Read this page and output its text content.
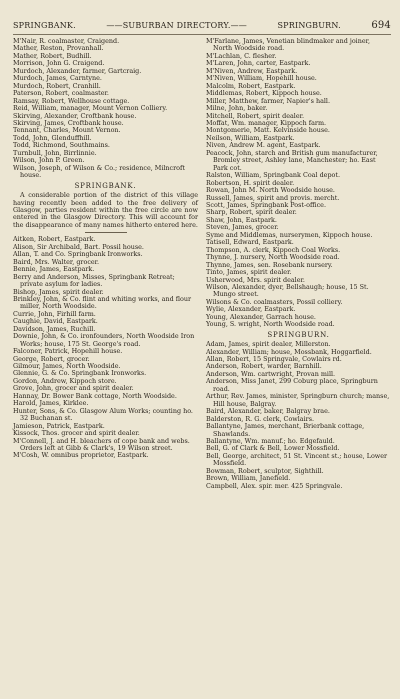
SPRINGBANK.	——SUBURBAN DIRECTORY.——	SPRINGBURN.	694
M'Nair, R. coalmaster, Craigend.
Mather, Reston, Provanhall.
Mather, Robert, Budhill.
Morrison, John G. Craigend.
Murdoch, Alexander, farmer, Gartcraig.
Murdoch, James, Carntyne.
Murdoch, Robert, Cranhill.
Paterson, Robert, coalmaster.
Ramsay, Robert, Wellhouse cottage.
Reid, William, manager, Mount Vernon Colliery.
Skirving, Alexander, Croftbank house.
Skirving, James, Croftbank house.
Tennant, Charles, Mount Vernon.
Todd, John, Glenduffhill.
Todd, Richmond, Southmains.
Turnbull, John, Birrlinnie.
Wilson, John P. Green.
Wilson, Joseph, of Wilson & Co.; residence, Milncroft house.
SPRINGBANK.
A considerable portion of the district of this village having recently been added to the free delivery of Glasgow, parties resident within the free circle are now entered in the Glasgow Directory. This will account for the disappearance of many names hitherto entered here.
Aitken, Robert, Eastpark.
Alison, Sir Archibald, Bart. Possil house.
Allan, T. and Co. Springbank Ironworks.
Baird, Mrs. Walter, grocer.
Bennie, James, Eastpark.
Berry and Anderson, Misses, Springbank Retreat; private asylum for ladies.
Bishop, James, spirit dealer.
Brinkley, John, & Co. flint and whiting works, and flour miller, North Woodside.
Currie, John, Firhill farm.
Caughie, David, Eastpark.
Davidson, James, Ruchill.
Downie, John, & Co. ironfounders, North Woodside Iron Works; house, 175 St. George's road.
Falconer, Patrick, Hopehill house.
George, Robert, grocer.
Gilmour, James, North Woodside.
Glennie, G. & Co. Springbank Ironworks.
Gordon, Andrew, Kippoch store.
Grove, John, grocer and spirit dealer.
Hannay, Dr. Bower Bank cottage, North Woodside.
Harold, James, Kirklee.
Hunter, Sons, & Co. Glasgow Alum Works; counting ho. 32 Buchanan st.
Jamieson, Patrick, Eastpark.
Kissock, Thos. grocer and spirit dealer.
M'Connell, J. and H. bleachers of cope bank and webs. Orders left at Gibb & Clark's, 19 Wilson street.
M'Cosh, W. omnibus proprietor, Eastpark.
M'Farlane, James, Venetian blindmaker and joiner, North Woodside road.
M'Lachlan, C. flesher.
M'Laren, John, carter, Eastpark.
M'Niven, Andrew, Eastpark.
M'Niven, William, Hopehill house.
Malcolm, Robert, Eastpark.
Middlemas, Robert, Kippoch house.
Miller, Matthew, farmer, Napier's hall.
Milne, John, baker.
Mitchell, Robert, spirit dealer.
Moffat, Wm. manager, Kippoch farm.
Montgomerie, Matt. Kelvinside house.
Neilson, William, Eastpark.
Niven, Andrew M. agent, Eastpark.
Peacock, John, starch and British gum manufacturer, Bromley street, Ashley lane, Manchester; ho. East Park cot.
Ralston, William, Springbank Coal depot.
Robertson, H. spirit dealer.
Rowan, John M. North Woodside house.
Russell, James, spirit and provis. mercht.
Scott, James, Springbank Post-office.
Sharp, Robert, spirit dealer.
Shaw, John, Eastpark.
Steven, James, grocer.
Syme and Middlemas, nurserymen, Kippoch house.
Tatisell, Edward, Eastpark.
Thompson, A. clerk, Kippoch Coal Works.
Thynne, J. nursery, North Woodside road.
Thynne, James, sen. Rosebank nursery.
Tinto, James, spirit dealer.
Usherwood, Mrs. spirit dealer.
Wilson, Alexander, dyer, Bellshaugh; house, 15 St. Mungo street.
Wilsons & Co. coalmasters, Possil colliery.
Wylie, Alexander, Eastpark.
Young, Alexander, Garrach house.
Young, S. wright, North Woodside road.
SPRINGBURN.
Adam, James, spirit dealer, Millerston.
Alexander, William; house, Mossbank, Hoggarfield.
Allan, Robert, 15 Springvale, Cowlairs rd.
Anderson, Robert, warder, Barnhill.
Anderson, Wm. cartwright, Provan mill.
Anderson, Miss Janet, 299 Coburg place, Springburn road.
Arthur, Rev. James, minister, Springburn church; manse, Hill house, Balgray.
Baird, Alexander, baker, Balgray brae.
Balderston, R. G. clerk, Cowlairs.
Ballantyne, James, merchant, Brierbank cottage, Shawlands.
Ballantyne, Wm. manuf.; ho. Edgefauld.
Bell, G. of Clark & Bell, Lower Mossfield.
Bell, George, architect, 51 St. Vincent st.; house, Lower Mossfield.
Bowman, Robert, sculptor, Sighthill.
Brown, William, Janefield.
Campbell, Alex. spir. mer. 425 Springvale.
